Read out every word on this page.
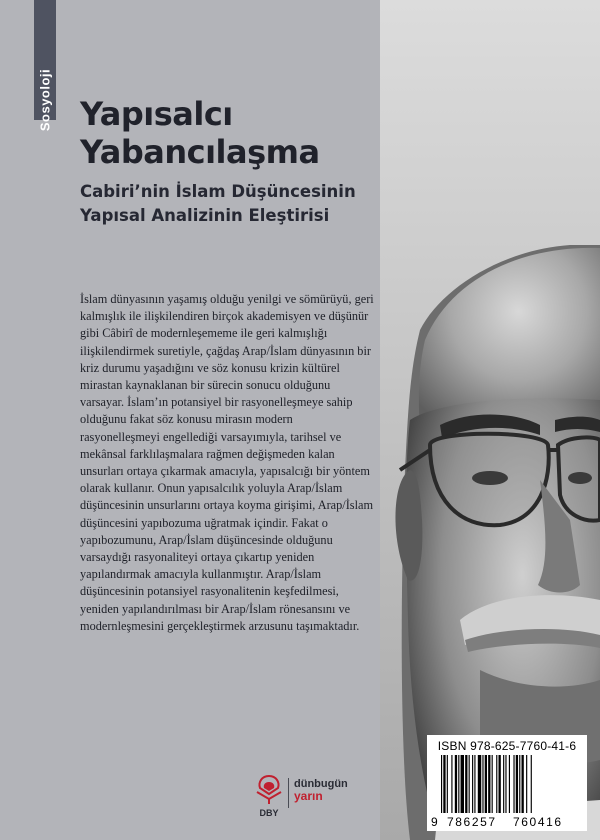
Sosyoloji Yapısalcı
Yabancılaşma
Cabiri’nin İslam Düşüncesinin
Yapısal Analizinin Eleştirisi

İslam dünyasının yaşamış olduğu yenilgi ve sömürüyü, geri kalmışlık ile ilişkilendiren birçok akademisyen ve düşünür gibi Câbirî de modernleşememe ile geri kalmışlığı ilişkilendirmek suretiyle, çağdaş Arap/İslam dünyasının bir kriz durumu yaşadığını ve söz konusu krizin kültürel mirastan kaynaklanan bir sürecin sonucu olduğunu varsayar. İslam’ın potansiyel bir rasyonelleşmeye sahip olduğunu fakat söz konusu mirasın modern rasyonelleşmeyi engellediği varsayımıyla, tarihsel ve mekânsal farklılaşmalara rağmen değişmeden kalan unsurları ortaya çıkarmak amacıyla, yapısalcığı bir yöntem olarak kullanır. Onun yapısalcılık yoluyla Arap/İslam düşüncesinin unsurlarını ortaya koyma girişimi, Arap/İslam düşüncesini yapıbozuma uğratmak içindir. Fakat o yapıbozumunu, Arap/İslam düşüncesinde olduğunu varsaydığı rasyonaliteyi ortaya çıkartıp yeniden yapılandırmak amacıyla kullanmıştır. Arap/İslam düşüncesinin potansiyel rasyonalitenin keşfedilmesi, yeniden yapılandırılması bir Arap/İslam rönesansını ve modernleşmesini gerçekleştirmek arzusunu taşımaktadır.

ISBN 978-625-7760-41-6
9 786257 760416
DBY
dünbugün
yarın
